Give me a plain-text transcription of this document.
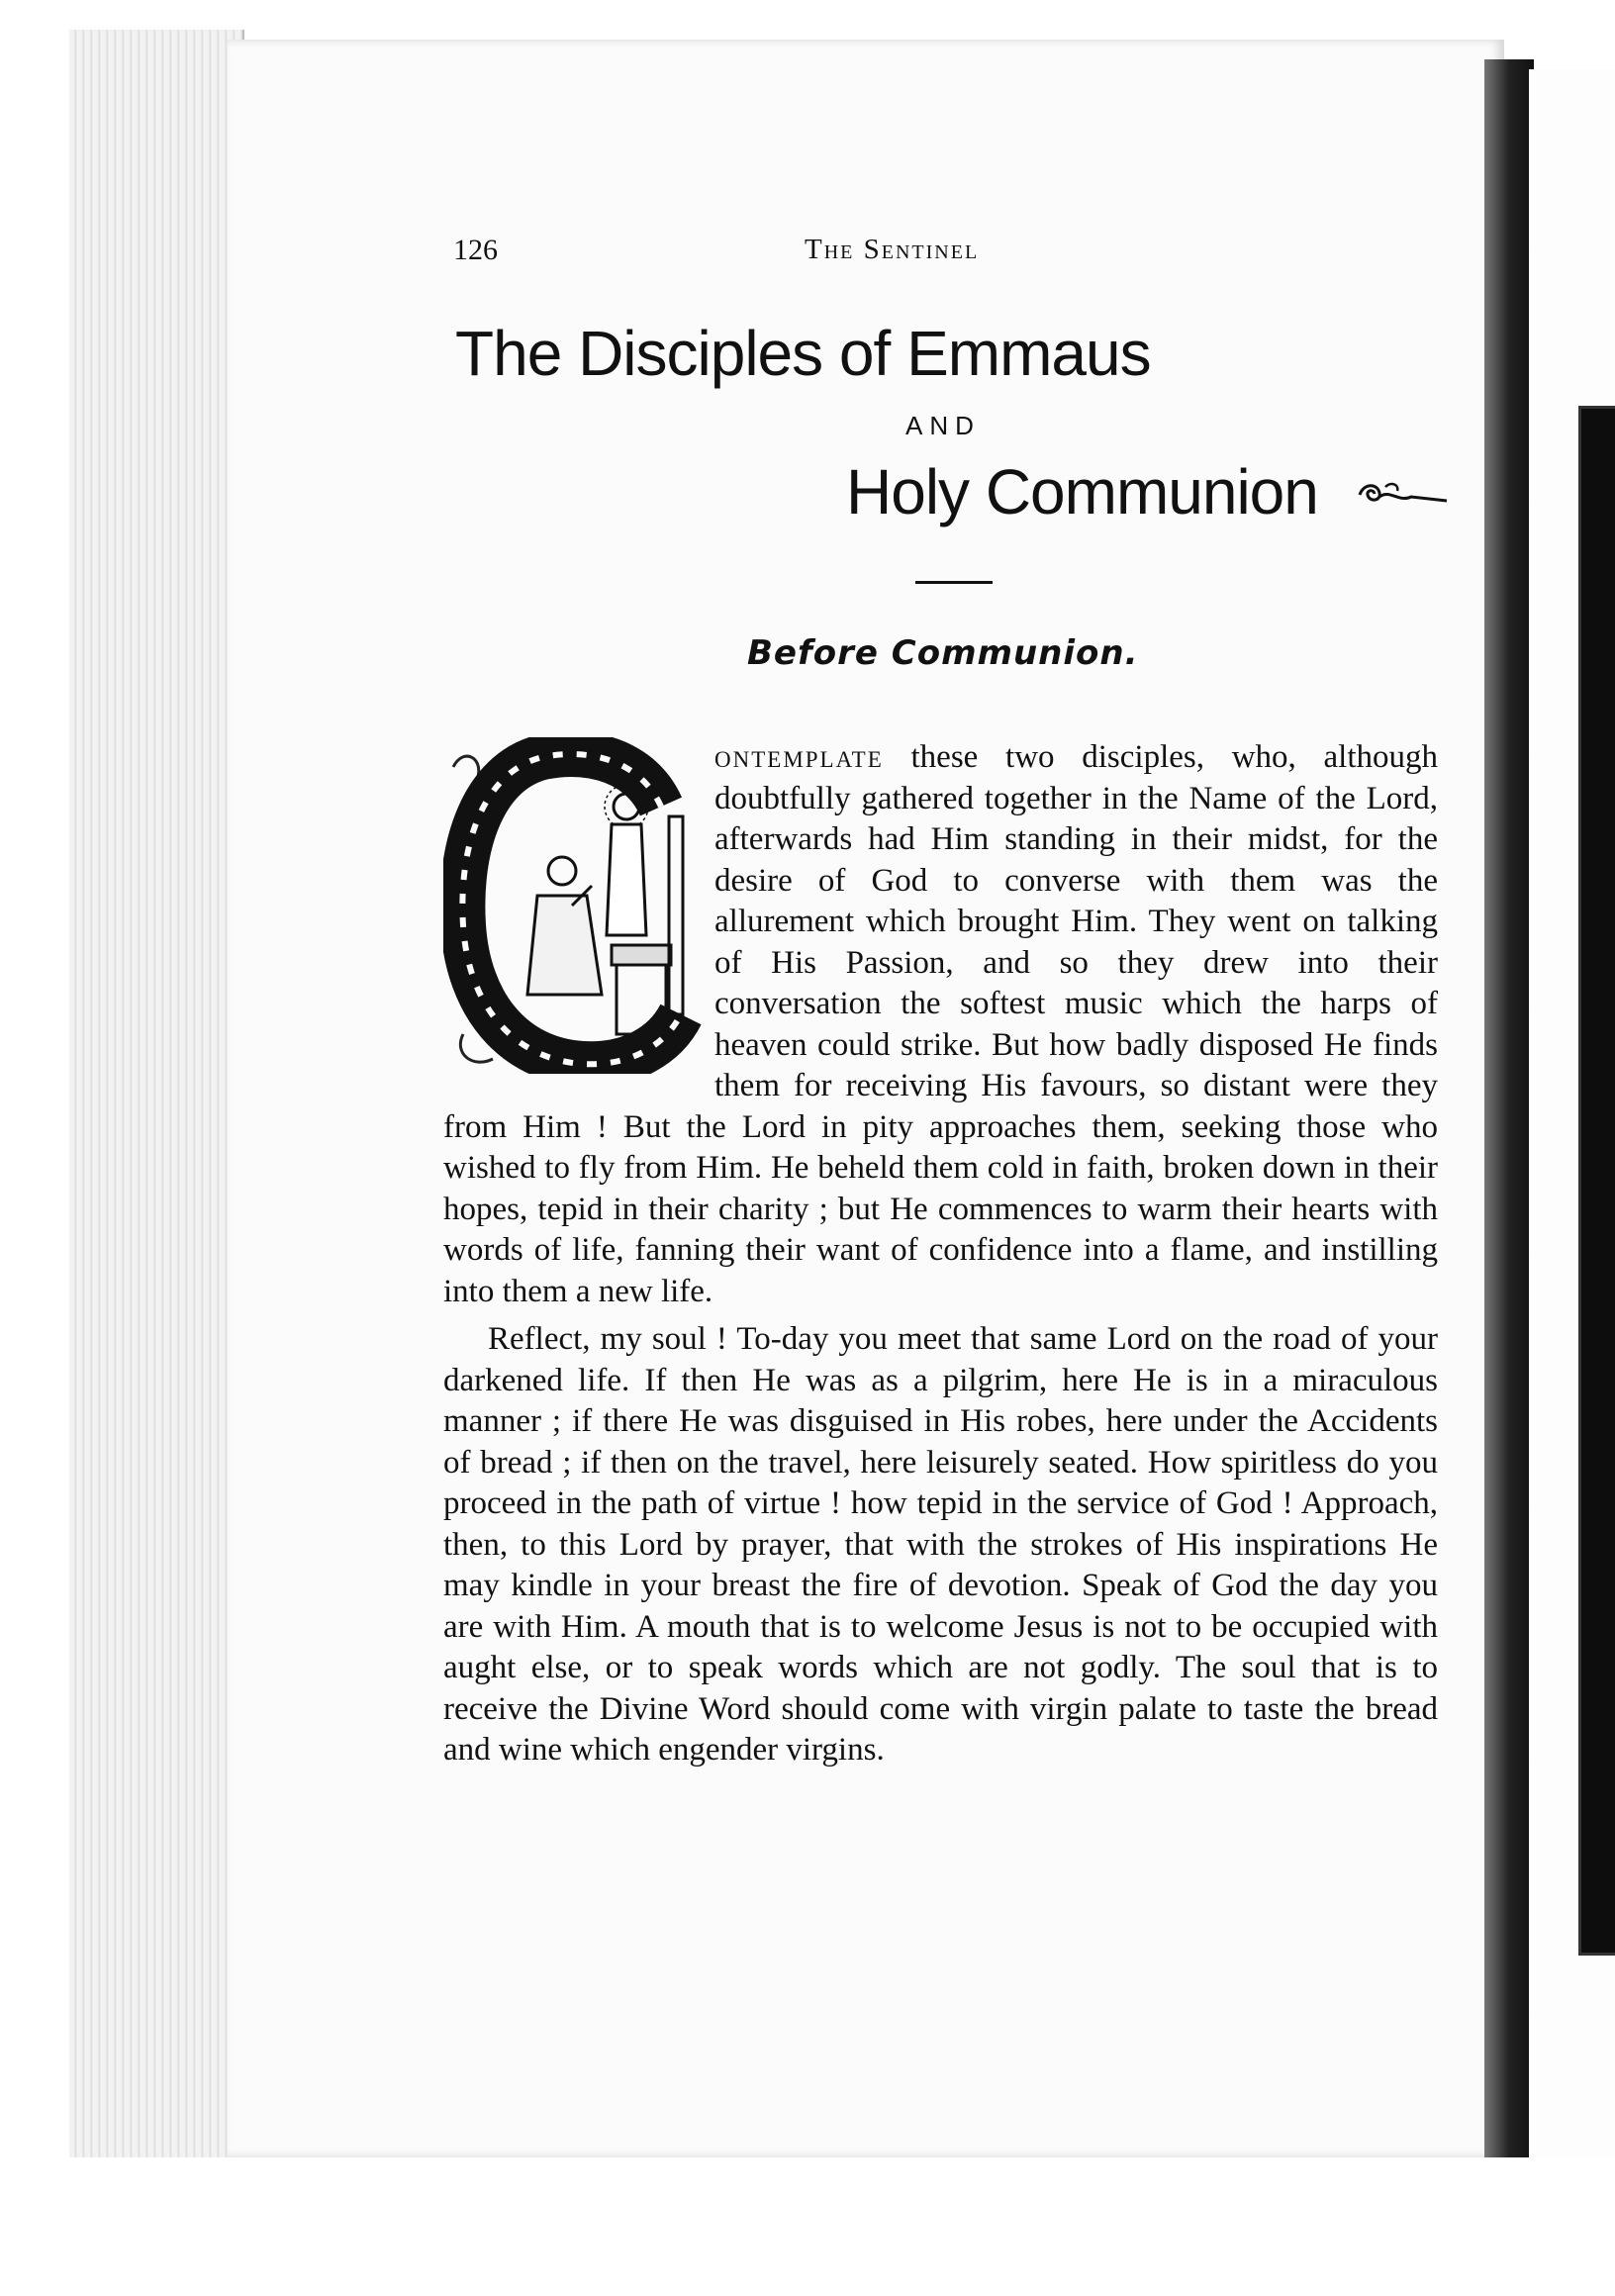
126	The Sentinel
The Disciples of Emmaus
AND
Holy Communion
Before Communion.

ontemplate these two disciples, who, although doubtfully gathered together in the Name of the Lord, afterwards had Him standing in their midst, for the desire of God to converse with them was the allurement which brought Him. They went on talking of His Passion, and so they drew into their conversation the softest music which the harps of heaven could strike. But how badly disposed He finds them for receiving His favours, so distant were they from Him ! But the Lord in pity approaches them, seeking those who wished to fly from Him. He beheld them cold in faith, broken down in their hopes, tepid in their charity ; but He commences to warm their hearts with words of life, fanning their want of confidence into a flame, and instilling into them a new life.

Reflect, my soul ! To-day you meet that same Lord on the road of your darkened life. If then He was as a pilgrim, here He is in a miraculous manner ; if there He was disguised in His robes, here under the Accidents of bread ; if then on the travel, here leisurely seated. How spiritless do you proceed in the path of virtue ! how tepid in the service of God ! Approach, then, to this Lord by prayer, that with the strokes of His inspirations He may kindle in your breast the fire of devotion. Speak of God the day you are with Him. A mouth that is to welcome Jesus is not to be occupied with aught else, or to speak words which are not godly. The soul that is to receive the Divine Word should come with virgin palate to taste the bread and wine which engender virgins.
